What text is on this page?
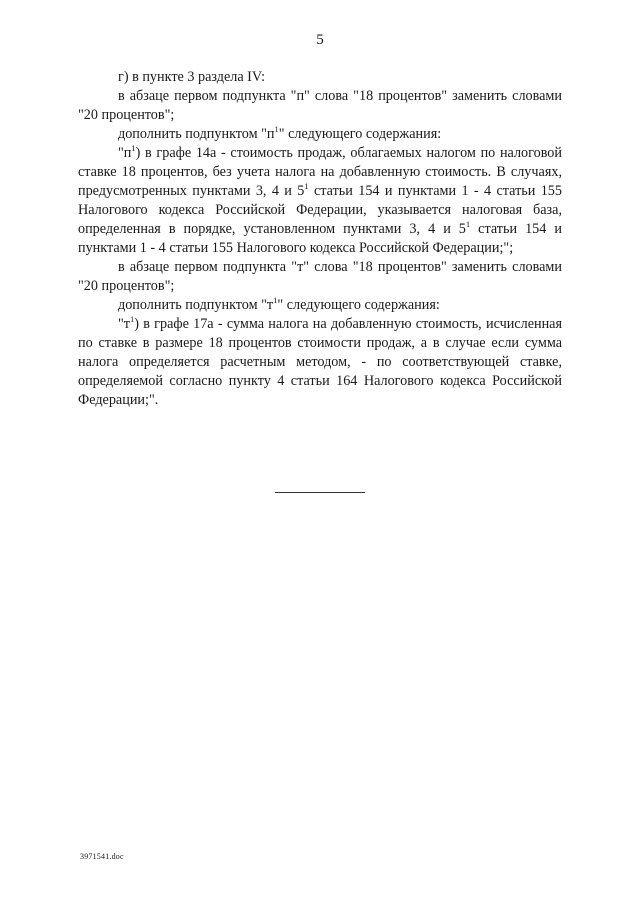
5

г) в пункте 3 раздела IV:

в абзаце первом подпункта "п" слова "18 процентов" заменить словами "20 процентов";

дополнить подпунктом "$п^1$" следующего содержания:

"$п^1$) в графе 14а - стоимость продаж, облагаемых налогом по налоговой ставке 18 процентов, без учета налога на добавленную стоимость. В случаях, предусмотренных пунктами 3, 4 и $5^1$ статьи 154 и пунктами 1 - 4 статьи 155 Налогового кодекса Российской Федерации, указывается налоговая база, определенная в порядке, установленном пунктами 3, 4 и $5^1$ статьи 154 и пунктами 1 - 4 статьи 155 Налогового кодекса Российской Федерации;";

в абзаце первом подпункта "т" слова "18 процентов" заменить словами "20 процентов";

дополнить подпунктом "$т^1$" следующего содержания:

"$т^1$) в графе 17а - сумма налога на добавленную стоимость, исчисленная по ставке в размере 18 процентов стоимости продаж, а в случае если сумма налога определяется расчетным методом, - по соответствующей ставке, определяемой согласно пункту 4 статьи 164 Налогового кодекса Российской Федерации;".

3971541.doc
